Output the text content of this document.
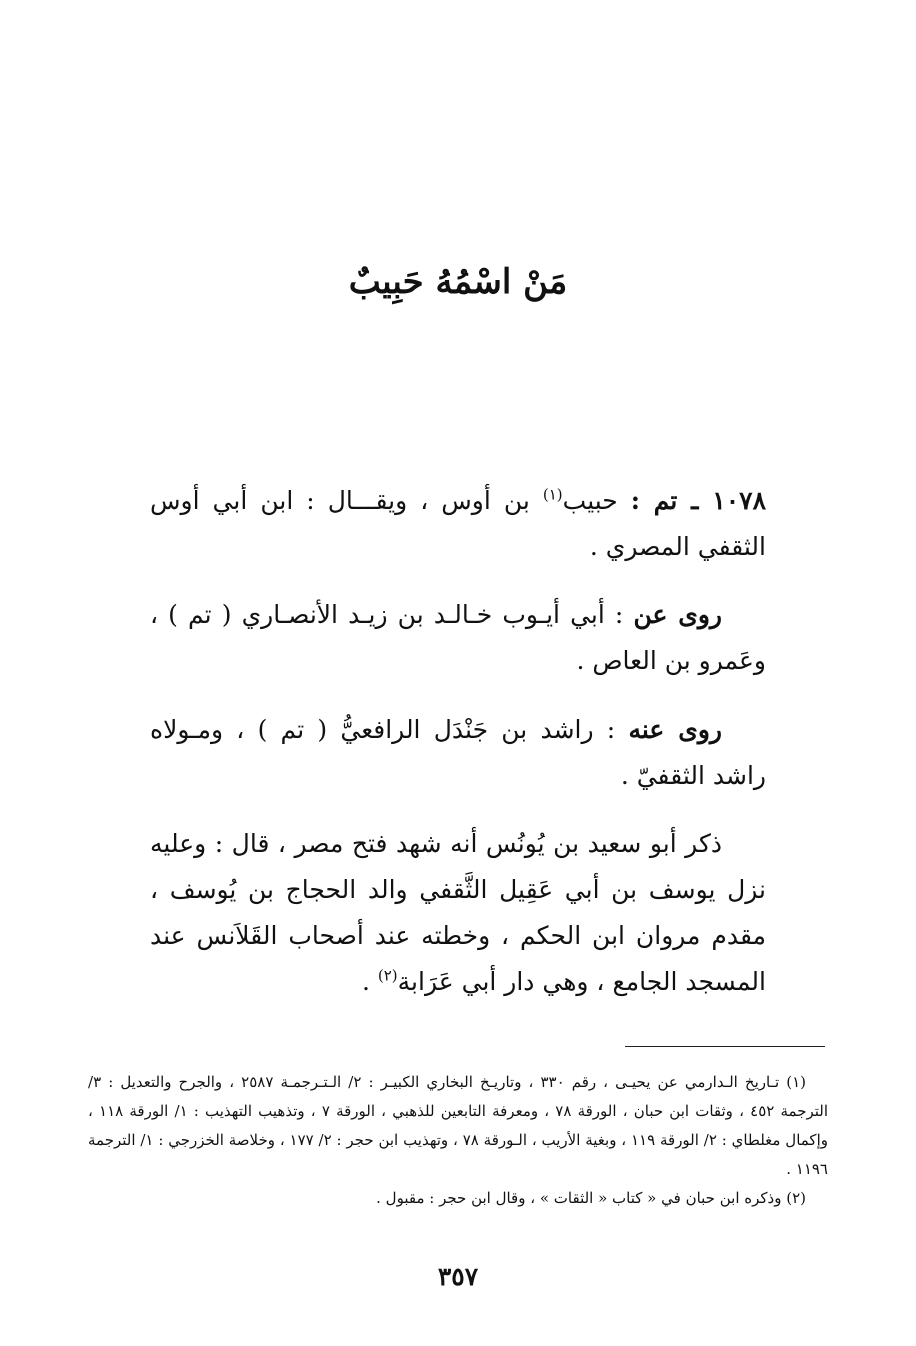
مَنْ اسْمُهُ حَبِيبٌ
١٠٧٨ ـ تم : حبيب$^{(١)}$ بن أوس ، ويقـــال : ابن أبي أوس الثقفي المصري .
روى عن : أبي أيـوب خـالـد بن زيـد الأنصـاري ( تم ) ، وعَمرو بن العاص .
روى عنه : راشد بن جَنْدَل الرافعيُّ ( تم ) ، ومـولاه راشد الثقفيّ .
ذكر أبو سعيد بن يُونُس أنه شهد فتح مصر ، قال : وعليه نزل يوسف بن أبي عَقِيل الثَّقفي والد الحجاج بن يُوسف ، مقدم مروان ابن الحكم ، وخطته عند أصحاب القَلاَنس عند المسجد الجامع ، وهي دار أبي عَرَابة$^{(٢)}$ .

(١) تـاريخ الـدارمي عن يحيـى ، رقم ٣٣٠ ، وتاريـخ البخاري الكبيـر : ٢/ الـتـرجمـة ٢٥٨٧ ، والجرح والتعديل : ٣/ الترجمة ٤٥٢ ، وثقات ابن حبان ، الورقة ٧٨ ، ومعرفة التابعين للذهبي ، الورقة ٧ ، وتذهيب التهذيب : ١/ الورقة ١١٨ ، وإكمال مغلطاي : ٢/ الورقة ١١٩ ، وبغية الأريب ، الـورقة ٧٨ ، وتهذيب ابن حجر : ٢/ ١٧٧ ، وخلاصة الخزرجي : ١/ الترجمة ١١٩٦ .

(٢) وذكره ابن حبان في « كتاب « الثقات » ، وقال ابن حجر : مقبول .

٣٥٧
